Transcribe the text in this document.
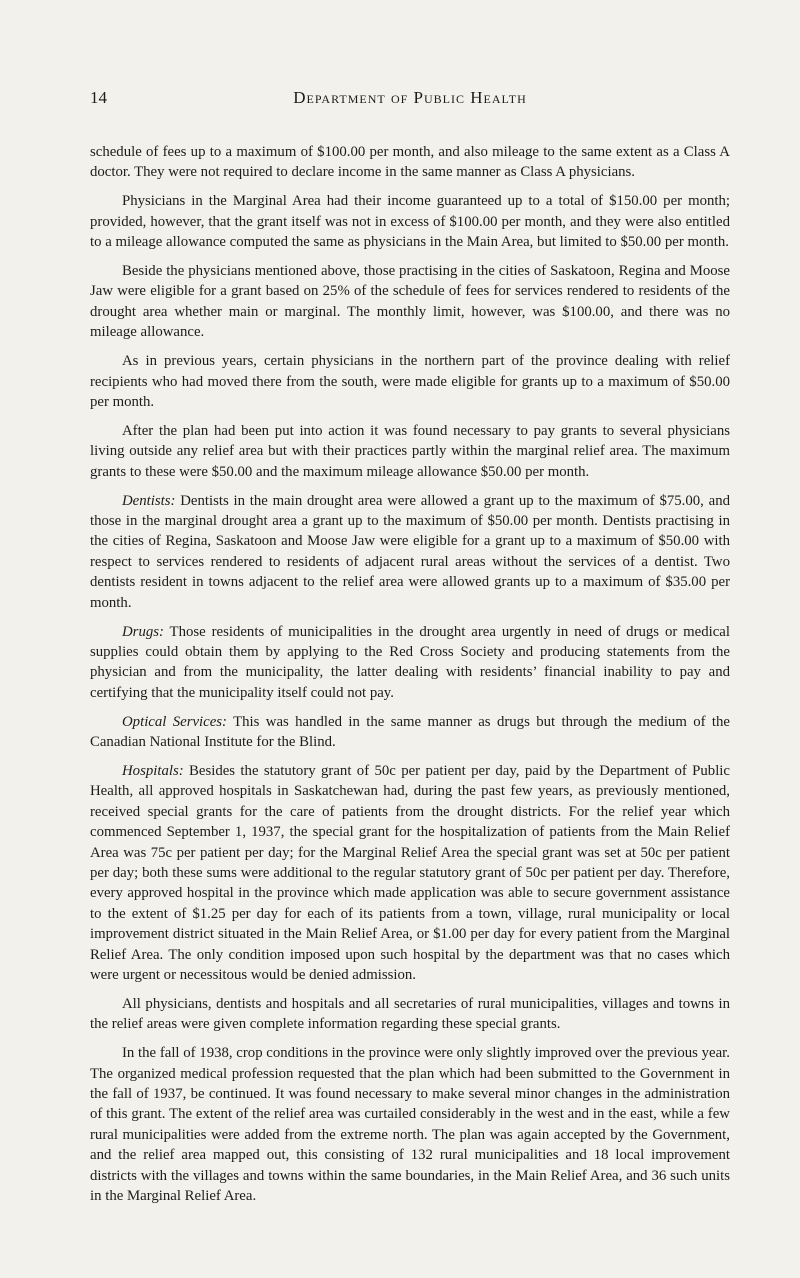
14	Department of Public Health

schedule of fees up to a maximum of $100.00 per month, and also mileage to the same extent as a Class A doctor. They were not required to declare income in the same manner as Class A physicians.

Physicians in the Marginal Area had their income guaranteed up to a total of $150.00 per month; provided, however, that the grant itself was not in excess of $100.00 per month, and they were also entitled to a mileage allowance computed the same as physicians in the Main Area, but limited to $50.00 per month.

Beside the physicians mentioned above, those practising in the cities of Saskatoon, Regina and Moose Jaw were eligible for a grant based on 25% of the schedule of fees for services rendered to residents of the drought area whether main or marginal. The monthly limit, however, was $100.00, and there was no mileage allowance.

As in previous years, certain physicians in the northern part of the province dealing with relief recipients who had moved there from the south, were made eligible for grants up to a maximum of $50.00 per month.

After the plan had been put into action it was found necessary to pay grants to several physicians living outside any relief area but with their practices partly within the marginal relief area. The maximum grants to these were $50.00 and the maximum mileage allowance $50.00 per month.

Dentists: Dentists in the main drought area were allowed a grant up to the maximum of $75.00, and those in the marginal drought area a grant up to the maximum of $50.00 per month. Dentists practising in the cities of Regina, Saskatoon and Moose Jaw were eligible for a grant up to a maximum of $50.00 with respect to services rendered to residents of adjacent rural areas without the services of a dentist. Two dentists resident in towns adjacent to the relief area were allowed grants up to a maximum of $35.00 per month.

Drugs: Those residents of municipalities in the drought area urgently in need of drugs or medical supplies could obtain them by applying to the Red Cross Society and producing statements from the physician and from the municipality, the latter dealing with residents’ financial inability to pay and certifying that the municipality itself could not pay.

Optical Services: This was handled in the same manner as drugs but through the medium of the Canadian National Institute for the Blind.

Hospitals: Besides the statutory grant of 50c per patient per day, paid by the Department of Public Health, all approved hospitals in Saskatchewan had, during the past few years, as previously mentioned, received special grants for the care of patients from the drought districts. For the relief year which commenced September 1, 1937, the special grant for the hospitalization of patients from the Main Relief Area was 75c per patient per day; for the Marginal Relief Area the special grant was set at 50c per patient per day; both these sums were additional to the regular statutory grant of 50c per patient per day. Therefore, every approved hospital in the province which made application was able to secure government assistance to the extent of $1.25 per day for each of its patients from a town, village, rural municipality or local improvement district situated in the Main Relief Area, or $1.00 per day for every patient from the Marginal Relief Area. The only condition imposed upon such hospital by the department was that no cases which were urgent or necessitous would be denied admission.

All physicians, dentists and hospitals and all secretaries of rural municipalities, villages and towns in the relief areas were given complete information regarding these special grants.

In the fall of 1938, crop conditions in the province were only slightly improved over the previous year. The organized medical profession requested that the plan which had been submitted to the Government in the fall of 1937, be continued. It was found necessary to make several minor changes in the administration of this grant. The extent of the relief area was curtailed considerably in the west and in the east, while a few rural municipalities were added from the extreme north. The plan was again accepted by the Government, and the relief area mapped out, this consisting of 132 rural municipalities and 18 local improvement districts with the villages and towns within the same boundaries, in the Main Relief Area, and 36 such units in the Marginal Relief Area.
